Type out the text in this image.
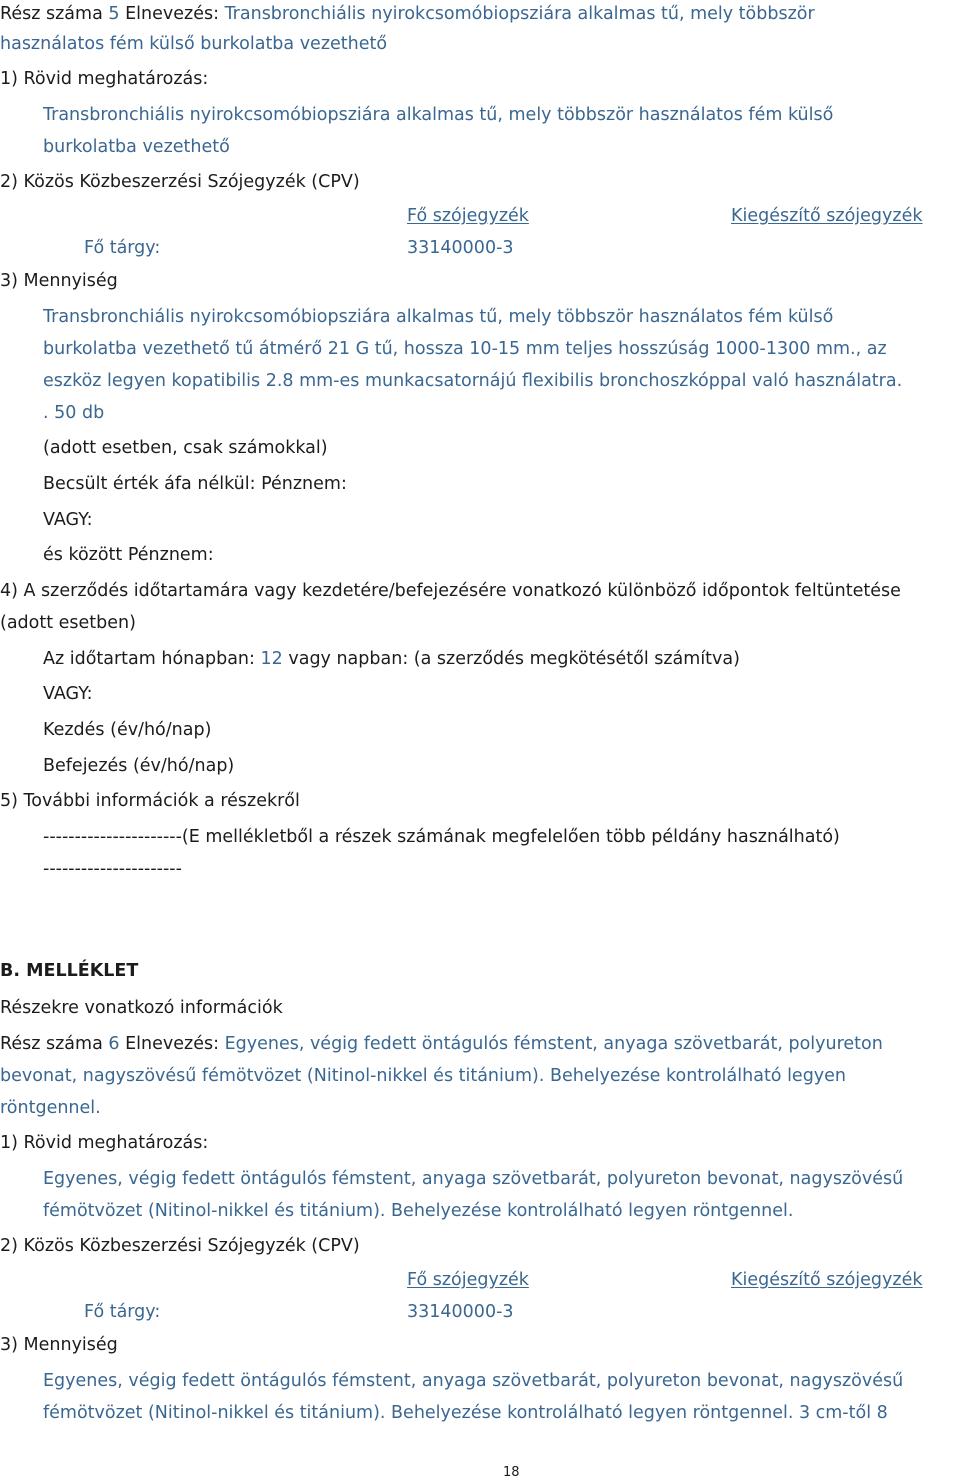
Rész száma 5 Elnevezés: Transbronchiális nyirokcsomóbiopsziára alkalmas tű, mely többször
használatos fém külső burkolatba vezethető
1) Rövid meghatározás:
Transbronchiális nyirokcsomóbiopsziára alkalmas tű, mely többször használatos fém külső
burkolatba vezethető
2) Közös Közbeszerzési Szójegyzék (CPV)
Fő szójegyzék	Kiegészítő szójegyzék
Fő tárgy:	33140000-3
3) Mennyiség
Transbronchiális nyirokcsomóbiopsziára alkalmas tű, mely többször használatos fém külső
burkolatba vezethető tű átmérő 21 G tű, hossza 10-15 mm teljes hosszúság 1000-1300 mm., az
eszköz legyen kopatibilis 2.8 mm-es munkacsatornájú flexibilis bronchoszkóppal való használatra.
. 50 db
(adott esetben, csak számokkal)
Becsült érték áfa nélkül: Pénznem:
VAGY:
és között Pénznem:
4) A szerződés időtartamára vagy kezdetére/befejezésére vonatkozó különböző időpontok feltüntetése
(adott esetben)
Az időtartam hónapban: 12 vagy napban: (a szerződés megkötésétől számítva)
VAGY:
Kezdés (év/hó/nap)
Befejezés (év/hó/nap)
5) További információk a részekről
----------------------(E mellékletből a részek számának megfelelően több példány használható)
----------------------
B. MELLÉKLET
Részekre vonatkozó információk
Rész száma 6 Elnevezés: Egyenes, végig fedett öntágulós fémstent, anyaga szövetbarát, polyureton
bevonat, nagyszövésű fémötvözet (Nitinol-nikkel és titánium). Behelyezése kontrolálható legyen
röntgennel.
1) Rövid meghatározás:
Egyenes, végig fedett öntágulós fémstent, anyaga szövetbarát, polyureton bevonat, nagyszövésű
fémötvözet (Nitinol-nikkel és titánium). Behelyezése kontrolálható legyen röntgennel.
2) Közös Közbeszerzési Szójegyzék (CPV)
Fő szójegyzék	Kiegészítő szójegyzék
Fő tárgy:	33140000-3
3) Mennyiség
Egyenes, végig fedett öntágulós fémstent, anyaga szövetbarát, polyureton bevonat, nagyszövésű
fémötvözet (Nitinol-nikkel és titánium). Behelyezése kontrolálható legyen röntgennel. 3 cm-től 8
18
